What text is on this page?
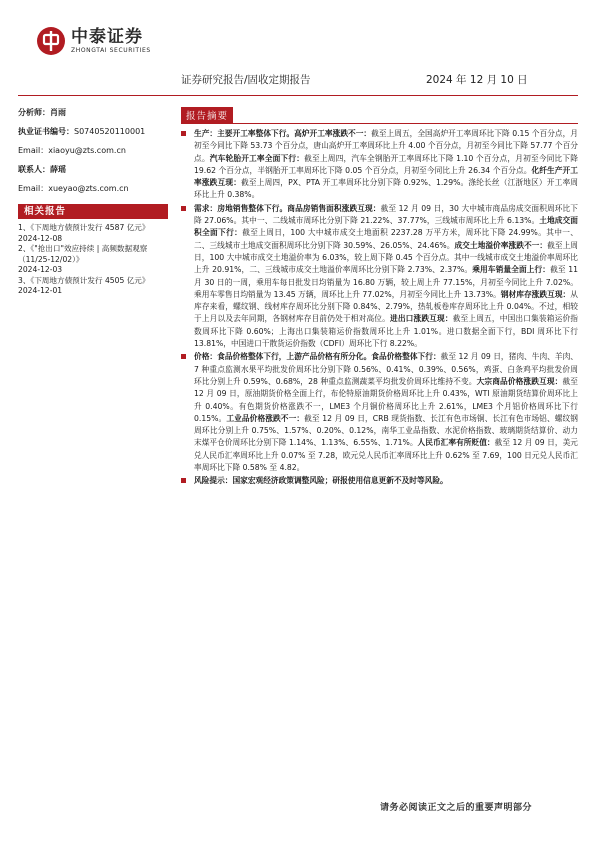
中泰证券
ZHONGTAI SECURITIES
证券研究报告/固收定期报告	2024 年 12 月 10 日
分析师：肖雨
执业证书编号：S0740520110001
Email：xiaoyu@zts.com.cn
联系人：薛瑶
Email：xueyao@zts.com.cn
相关报告
1、《下周地方债预计发行 4587 亿元》
2024-12-08
2、《"抢出口"效应持续 | 高频数据观察（11/25-12/02）》
2024-12-03
3、《下周地方债预计发行 4505 亿元》
2024-12-01
报告摘要
生产：主要开工率整体下行。高炉开工率涨跌不一：截至上周五，全国高炉开工率周环比下降 0.15 个百分点，月初至今同比下降 53.73 个百分点，唐山高炉开工率周环比上升 4.00 个百分点，月初至今同比下降 57.77 个百分点。汽车轮胎开工率全面下行：截至上周四，汽车全钢胎开工率周环比下降 1.10 个百分点，月初至今同比下降 19.62 个百分点，半钢胎开工率周环比下降 0.05 个百分点，月初至今同比上升 26.34 个百分点。化纤生产开工率涨跌互现：截至上周四，PX、PTA 开工率周环比分别下降 0.92%、1.29%。涤纶长丝（江浙地区）开工率周环比上升 0.38%。
需求：房地销售整体下行。商品房销售面积涨跌互现：截至 12 月 09 日，30 大中城市商品房成交面积周环比下降 27.06%。其中一、二线城市周环比分别下降 21.22%、37.77%，三线城市周环比上升 6.13%。土地成交面积全面下行：截至上周日，100 大中城市成交土地面积 2237.28 万平方米，周环比下降 24.99%。其中一、二、三线城市土地成交面积周环比分别下降 30.59%、26.05%、24.46%。成交土地溢价率涨跌不一：截至上周日，100 大中城市成交土地溢价率为 6.03%，较上周下降 0.45 个百分点。其中一线城市成交土地溢价率周环比上升 20.91%，二、三线城市成交土地溢价率周环比分别下降 2.73%、2.37%。乘用车销量全面上行：截至 11 月 30 日的一周，乘用车每日批发日均销量为 16.80 万辆，较上周上升 77.15%，月初至今同比上升 7.02%。乘用车零售日均销量为 13.45 万辆，周环比上升 77.02%，月初至今同比上升 13.73%。钢材库存涨跌互现：从库存来看，螺纹钢、线材库存周环比分别下降 0.84%、2.79%，热轧板卷库存周环比上升 0.04%。不过，相较于上月以及去年同期，各钢材库存目前仍处于相对高位。进出口涨跌互现：截至上周五，中国出口集装箱运价指数周环比下降 0.60%；上海出口集装箱运价指数周环比上升 1.01%。进口数据全面下行，BDI 周环比下行 13.81%，中国进口干散货运价指数（CDFI）周环比下行 8.22%。
价格：食品价格整体下行，上游产品价格有所分化。食品价格整体下行：截至 12 月 09 日，猪肉、牛肉、羊肉、7 种重点监测水果平均批发价周环比分别下降 0.56%、0.41%、0.39%、0.56%，鸡蛋、白条鸡平均批发价周环比分别上升 0.59%、0.68%，28 种重点监测蔬菜平均批发价周环比维持不变。大宗商品价格涨跌互现：截至 12 月 09 日，原油期货价格全面上行，布伦特原油期货价格周环比上升 0.43%，WTI 原油期货结算价周环比上升 0.40%。有色期货价格涨跌不一，LME3 个月铜价格周环比上升 2.61%，LME3 个月铝价格周环比下行 0.15%。工业品价格涨跌不一：截至 12 月 09 日，CRB 现货指数、长江有色市场铜、长江有色市场铝、螺纹钢周环比分别上升 0.75%、1.57%、0.20%、0.12%，南华工业品指数、水泥价格指数、玻璃期货结算价、动力末煤平仓价周环比分别下降 1.14%、1.13%、6.55%、1.71%。人民币汇率有所贬值：截至 12 月 09 日，美元兑人民币汇率周环比上升 0.07% 至 7.28，欧元兑人民币汇率周环比上升 0.62% 至 7.69，100 日元兑人民币汇率周环比下降 0.58% 至 4.82。
风险提示：国家宏观经济政策调整风险；研报使用信息更新不及时等风险。
请务必阅读正文之后的重要声明部分
